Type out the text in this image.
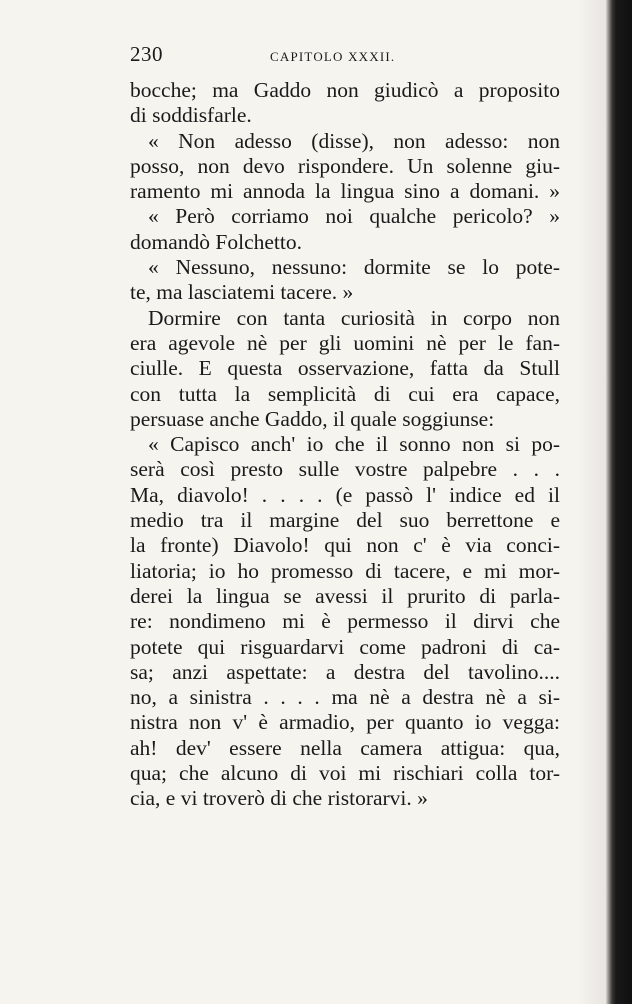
230	CAPITOLO XXXII.
bocche; ma Gaddo non giudicò a proposito
di soddisfarle.
« Non adesso (disse), non adesso: non
posso, non devo rispondere. Un solenne giu-
ramento mi annoda la lingua sino a domani. »
« Però corriamo noi qualche pericolo? »
domandò Folchetto.
« Nessuno, nessuno: dormite se lo pote-
te, ma lasciatemi tacere. »
Dormire con tanta curiosità in corpo non
era agevole nè per gli uomini nè per le fan-
ciulle. E questa osservazione, fatta da Stull
con tutta la semplicità di cui era capace,
persuase anche Gaddo, il quale soggiunse:
« Capisco anch' io che il sonno non si po-
serà così presto sulle vostre palpebre . . .
Ma, diavolo! . . . . (e passò l' indice ed il
medio tra il margine del suo berrettone e
la fronte) Diavolo! qui non c' è via conci-
liatoria; io ho promesso di tacere, e mi mor-
derei la lingua se avessi il prurito di parla-
re: nondimeno mi è permesso il dirvi che
potete qui risguardarvi come padroni di ca-
sa; anzi aspettate: a destra del tavolino....
no, a sinistra . . . . ma nè a destra nè a si-
nistra non v' è armadio, per quanto io vegga:
ah! dev' essere nella camera attigua: qua,
qua; che alcuno di voi mi rischiari colla tor-
cia, e vi troverò di che ristorarvi. »
